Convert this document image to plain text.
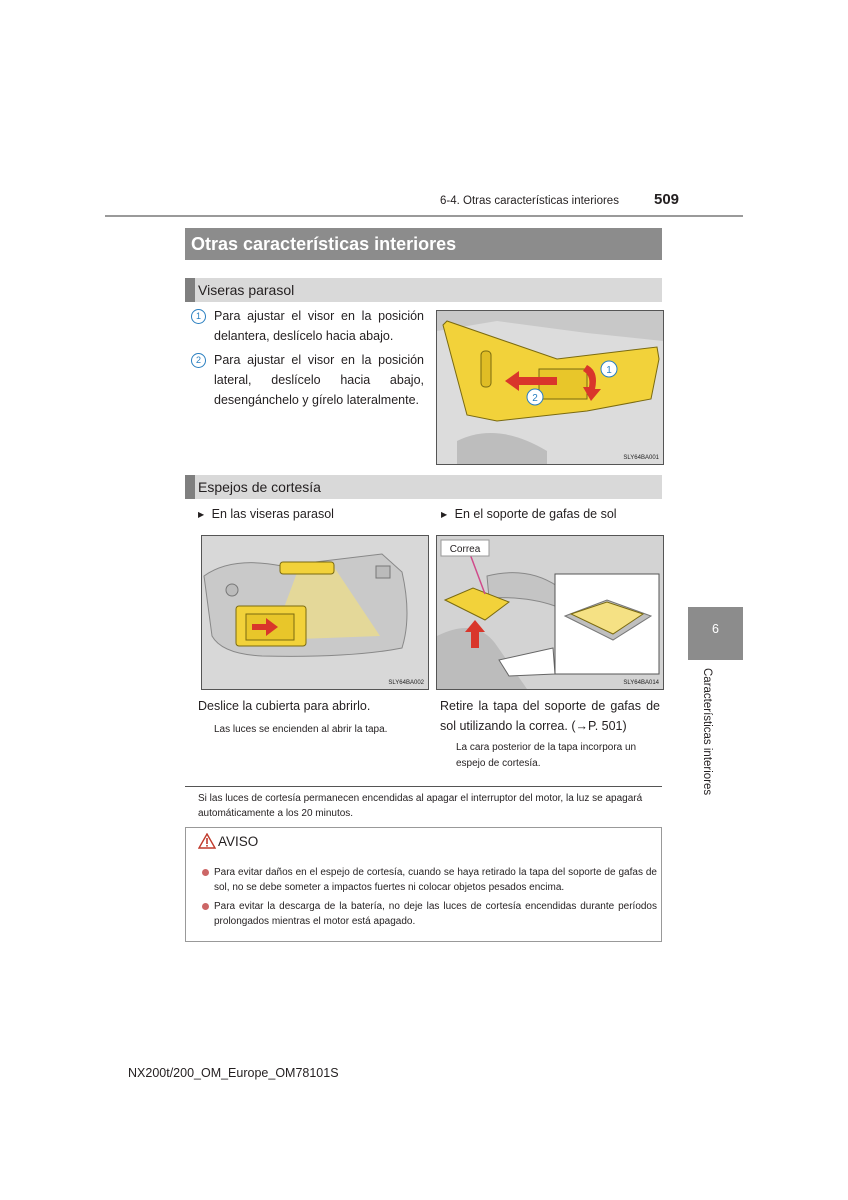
6-4. Otras características interiores 509
Otras características interiores
Viseras parasol
1	Para ajustar el visor en la posición delantera, deslícelo hacia abajo.
2	Para ajustar el visor en la posición lateral, deslícelo hacia abajo, desengánchelo y gírelo lateralmente.
1
2
SLY64BA001
Espejos de cortesía
▶ En las viseras parasol	▶ En el soporte de gafas de sol
SLY64BA002
Correa
SLY64BA014
Deslice la cubierta para abrirlo.
Las luces se encienden al abrir la tapa.
Retire la tapa del soporte de gafas de sol utilizando la correa. (→P. 501)
La cara posterior de la tapa incorpora un espejo de cortesía.
Si las luces de cortesía permanecen encendidas al apagar el interruptor del motor, la luz se apagará automáticamente a los 20 minutos.
AVISO
Para evitar daños en el espejo de cortesía, cuando se haya retirado la tapa del soporte de gafas de sol, no se debe someter a impactos fuertes ni colocar objetos pesados encima.
Para evitar la descarga de la batería, no deje las luces de cortesía encendidas durante períodos prolongados mientras el motor está apagado.
6
Características interiores
NX200t/200_OM_Europe_OM78101S
